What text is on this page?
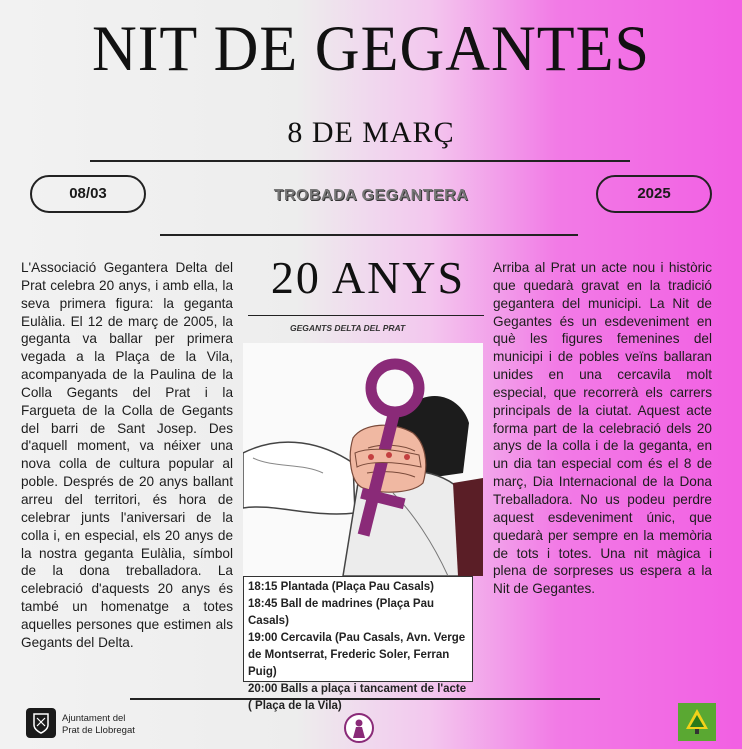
NIT DE GEGANTES
8 DE MARÇ
08/03	2025
TROBADA GEGANTERA
L'Associació Gegantera Delta del Prat celebra 20 anys, i amb ella, la seva primera figura: la geganta Eulàlia. El 12 de març de 2005, la geganta va ballar per primera vegada a la Plaça de la Vila, acompanyada de la Paulina de la Colla Gegants del Prat i la Fargueta de la Colla de Gegants del barri de Sant Josep. Des d'aquell moment, va néixer una nova colla de cultura popular al poble. Després de 20 anys ballant arreu del territori, és hora de celebrar junts l'aniversari de la colla i, en especial, els 20 anys de la nostra geganta Eulàlia, símbol de la dona treballadora. La celebració d'aquests 20 anys és també un homenatge a totes aquelles persones que estimen als Gegants del Delta.
20 ANYS
GEGANTS DELTA DEL PRAT
18:15 Plantada (Plaça Pau Casals)
18:45 Ball de madrines (Plaça Pau Casals)
19:00 Cercavila (Pau Casals, Avn. Verge de Montserrat, Frederic Soler, Ferran Puig)
20:00 Balls a plaça i tancament de l'acte ( Plaça de la Vila)
Arriba al Prat un acte nou i històric que quedarà gravat en la tradició gegantera del municipi. La Nit de Gegantes és un esdeveniment en què les figures femenines del municipi i de pobles veïns ballaran unides en una cercavila molt especial, que recorrerà els carrers principals de la ciutat. Aquest acte forma part de la celebració dels 20 anys de la colla i de la geganta, en un dia tan especial com és el 8 de març, Dia Internacional de la Dona Treballadora. No us podeu perdre aquest esdeveniment únic, que quedarà per sempre en la memòria de tots i totes. Una nit màgica i plena de sorpreses us espera a la Nit de Gegantes.
Ajuntament del
Prat de Llobregat
